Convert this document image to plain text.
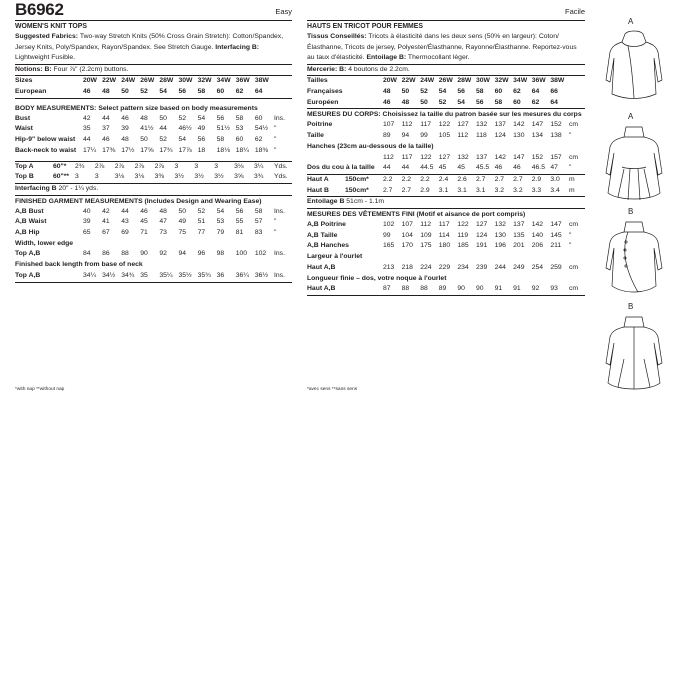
B6962	Easy
WOMEN'S KNIT TOPS
Suggested Fabrics: Two-way Stretch Knits (50% Cross Grain Stretch): Cotton/Spandex, Jersey Knits, Poly/Spandex, Rayon/Spandex. See Stretch Gauge. Interfacing B: Lightweight Fusible.
Notions: B: Four ⅞" (2.2cm) buttons.
Sizes	20W	22W	24W	26W	28W	30W	32W	34W	36W	38W	
European	46	48	50	52	54	56	58	60	62	64	
BODY MEASUREMENTS: Select pattern size based on body measurements
Bust	42	44	46	48	50	52	54	56	58	60	Ins.
Waist	35	37	39	41½	44	46½	49	51½	53	54½	"
Hip-9" below waist	44	46	48	50	52	54	56	58	60	62	"
Back-neck to waist	17¼	17⅜	17½	17⅝	17¾	17⅞	18	18⅛	18¼	18⅜	"
Top A	60"*	2¾	2⅞	2⅞	2⅞	2⅞	3	3	3	3⅛	3¼	Yds.
Top B	60"**	3	3	3⅛	3⅛	3⅜	3½	3½	3½	3⅝	3¾	Yds.
Interfacing B 20" - 1¼ yds.
FINISHED GARMENT MEASUREMENTS (Includes Design and Wearing Ease)
A,B Bust	40	42	44	46	48	50	52	54	56	58	Ins.
A,B Waist	39	41	43	45	47	49	51	53	55	57	"
A,B Hip	65	67	69	71	73	75	77	79	81	83	"
Width, lower edge											
Top A,B	84	86	88	90	92	94	96	98	100	102	Ins.
Finished back length from base of neck											
Top A,B	34¼	34½	34¾	35	35¼	35½	35¾	36	36¼	36½	Ins.
Facile
HAUTS EN TRICOT POUR FEMMES
Tissus Conseillés: Tricots à élasticité dans les deux sens (50% en largeur): Coton/Élasthanne, Tricots de jersey, Polyester/Élasthanne, Rayonne/Élasthanne. Reportez-vous au taux d'élasticité. Entoilage B: Thermocollant léger.
Mercerie: B: 4 boutons de 2.2cm.
Tailles	20W	22W	24W	26W	28W	30W	32W	34W	36W	38W	
Françaises	48	50	52	54	56	58	60	62	64	66	
Européen	46	48	50	52	54	56	58	60	62	64	
MESURES DU CORPS: Choisissez la taille du patron basée sur les mesures du corps
Poitrine	107	112	117	122	127	132	137	142	147	152	cm
Taille	89	94	99	105	112	118	124	130	134	138	"
Hanches (23cm au-dessous de la taille)											
	112	117	122	127	132	137	142	147	152	157	cm
Dos du cou à la taille	44	44	44.5	45	45	45.5	46	46	46.5	47	"
Haut A	150cm*	2.2	2.2	2.2	2.4	2.6	2.7	2.7	2.7	2.9	3.0	m
Haut B	150cm*	2.7	2.7	2.9	3.1	3.1	3.1	3.2	3.2	3.3	3.4	m
Entoilage B 51cm - 1.1m
MESURES DES VÊTEMENTS FINI (Motif et aisance de port compris)
A,B Poitrine	102	107	112	117	122	127	132	137	142	147	cm
A,B Taille	99	104	109	114	119	124	130	135	140	145	"
A,B Hanches	165	170	175	180	185	191	196	201	206	211	"
Largeur à l'ourlet											
Haut A,B	213	218	224	229	234	239	244	249	254	259	cm
Longueur finie – dos, votre noque à l'ourlet											
Haut A,B	87	88	88	89	90	90	91	91	92	93	cm
*with nap **without nap	*avec sens **sans sens
A
A
B
B
